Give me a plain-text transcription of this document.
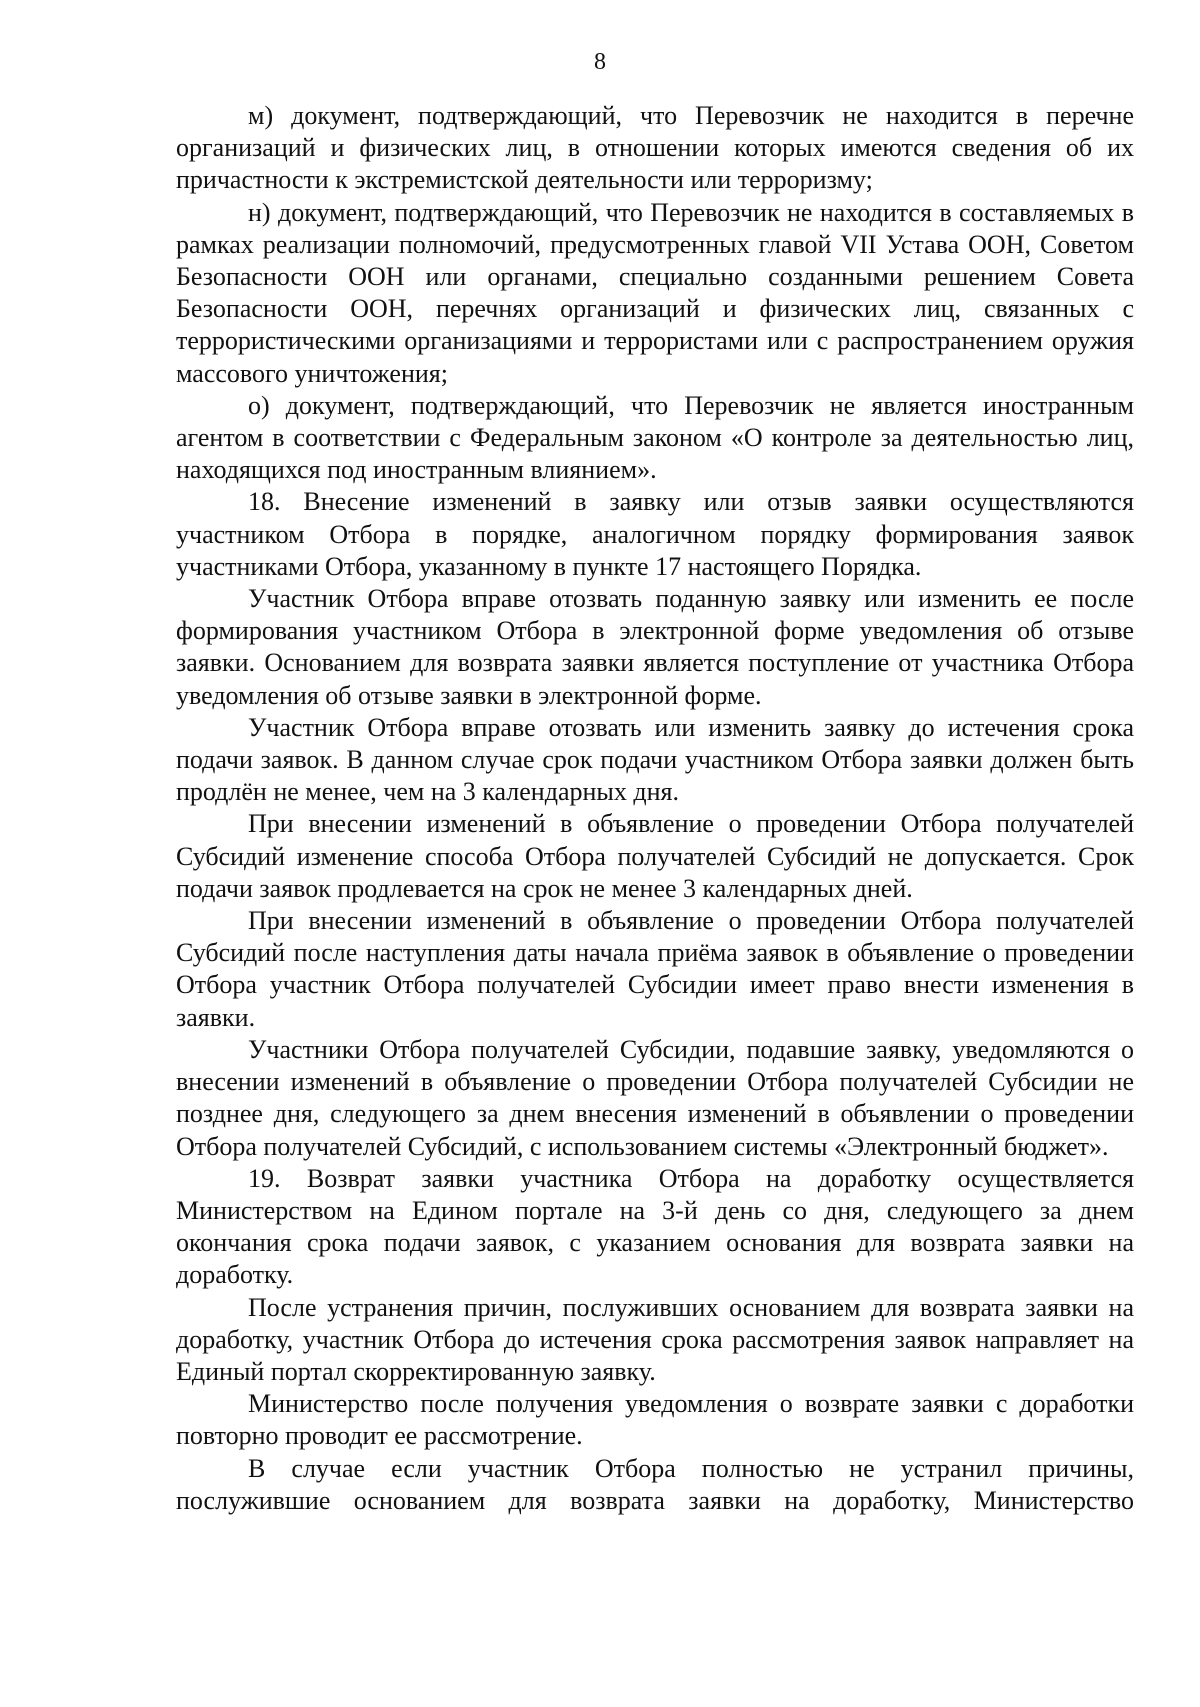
8

м) документ, подтверждающий, что Перевозчик не находится в перечне организаций и физических лиц, в отношении которых имеются сведения об их причастности к экстремистской деятельности или терроризму;

н) документ, подтверждающий, что Перевозчик не находится в составляемых в рамках реализации полномочий, предусмотренных главой VII Устава ООН, Советом Безопасности ООН или органами, специально созданными решением Совета Безопасности ООН, перечнях организаций и физических лиц, связанных с террористическими организациями и террористами или с распространением оружия массового уничтожения;

о) документ, подтверждающий, что Перевозчик не является иностранным агентом в соответствии с Федеральным законом «О контроле за деятельностью лиц, находящихся под иностранным влиянием».

18. Внесение изменений в заявку или отзыв заявки осуществляются участником Отбора в порядке, аналогичном порядку формирования заявок участниками Отбора, указанному в пункте 17 настоящего Порядка.

Участник Отбора вправе отозвать поданную заявку или изменить ее после формирования участником Отбора в электронной форме уведомления об отзыве заявки. Основанием для возврата заявки является поступление от участника Отбора уведомления об отзыве заявки в электронной форме.

Участник Отбора вправе отозвать или изменить заявку до истечения срока подачи заявок. В данном случае срок подачи участником Отбора заявки должен быть продлён не менее, чем на 3 календарных дня.

При внесении изменений в объявление о проведении Отбора получателей Субсидий изменение способа Отбора получателей Субсидий не допускается. Срок подачи заявок продлевается на срок не менее 3 календарных дней.

При внесении изменений в объявление о проведении Отбора получателей Субсидий после наступления даты начала приёма заявок в объявление о проведении Отбора участник Отбора получателей Субсидии имеет право внести изменения в заявки.

Участники Отбора получателей Субсидии, подавшие заявку, уведомляются о внесении изменений в объявление о проведении Отбора получателей Субсидии не позднее дня, следующего за днем внесения изменений в объявлении о проведении Отбора получателей Субсидий, с использованием системы «Электронный бюджет».

19. Возврат заявки участника Отбора на доработку осуществляется Министерством на Едином портале на 3-й день со дня, следующего за днем окончания срока подачи заявок, с указанием основания для возврата заявки на доработку.

После устранения причин, послуживших основанием для возврата заявки на доработку, участник Отбора до истечения срока рассмотрения заявок направляет на Единый портал скорректированную заявку.

Министерство после получения уведомления о возврате заявки с доработки повторно проводит ее рассмотрение.

В случае если участник Отбора полностью не устранил причины, послужившие основанием для возврата заявки на доработку, Министерство
